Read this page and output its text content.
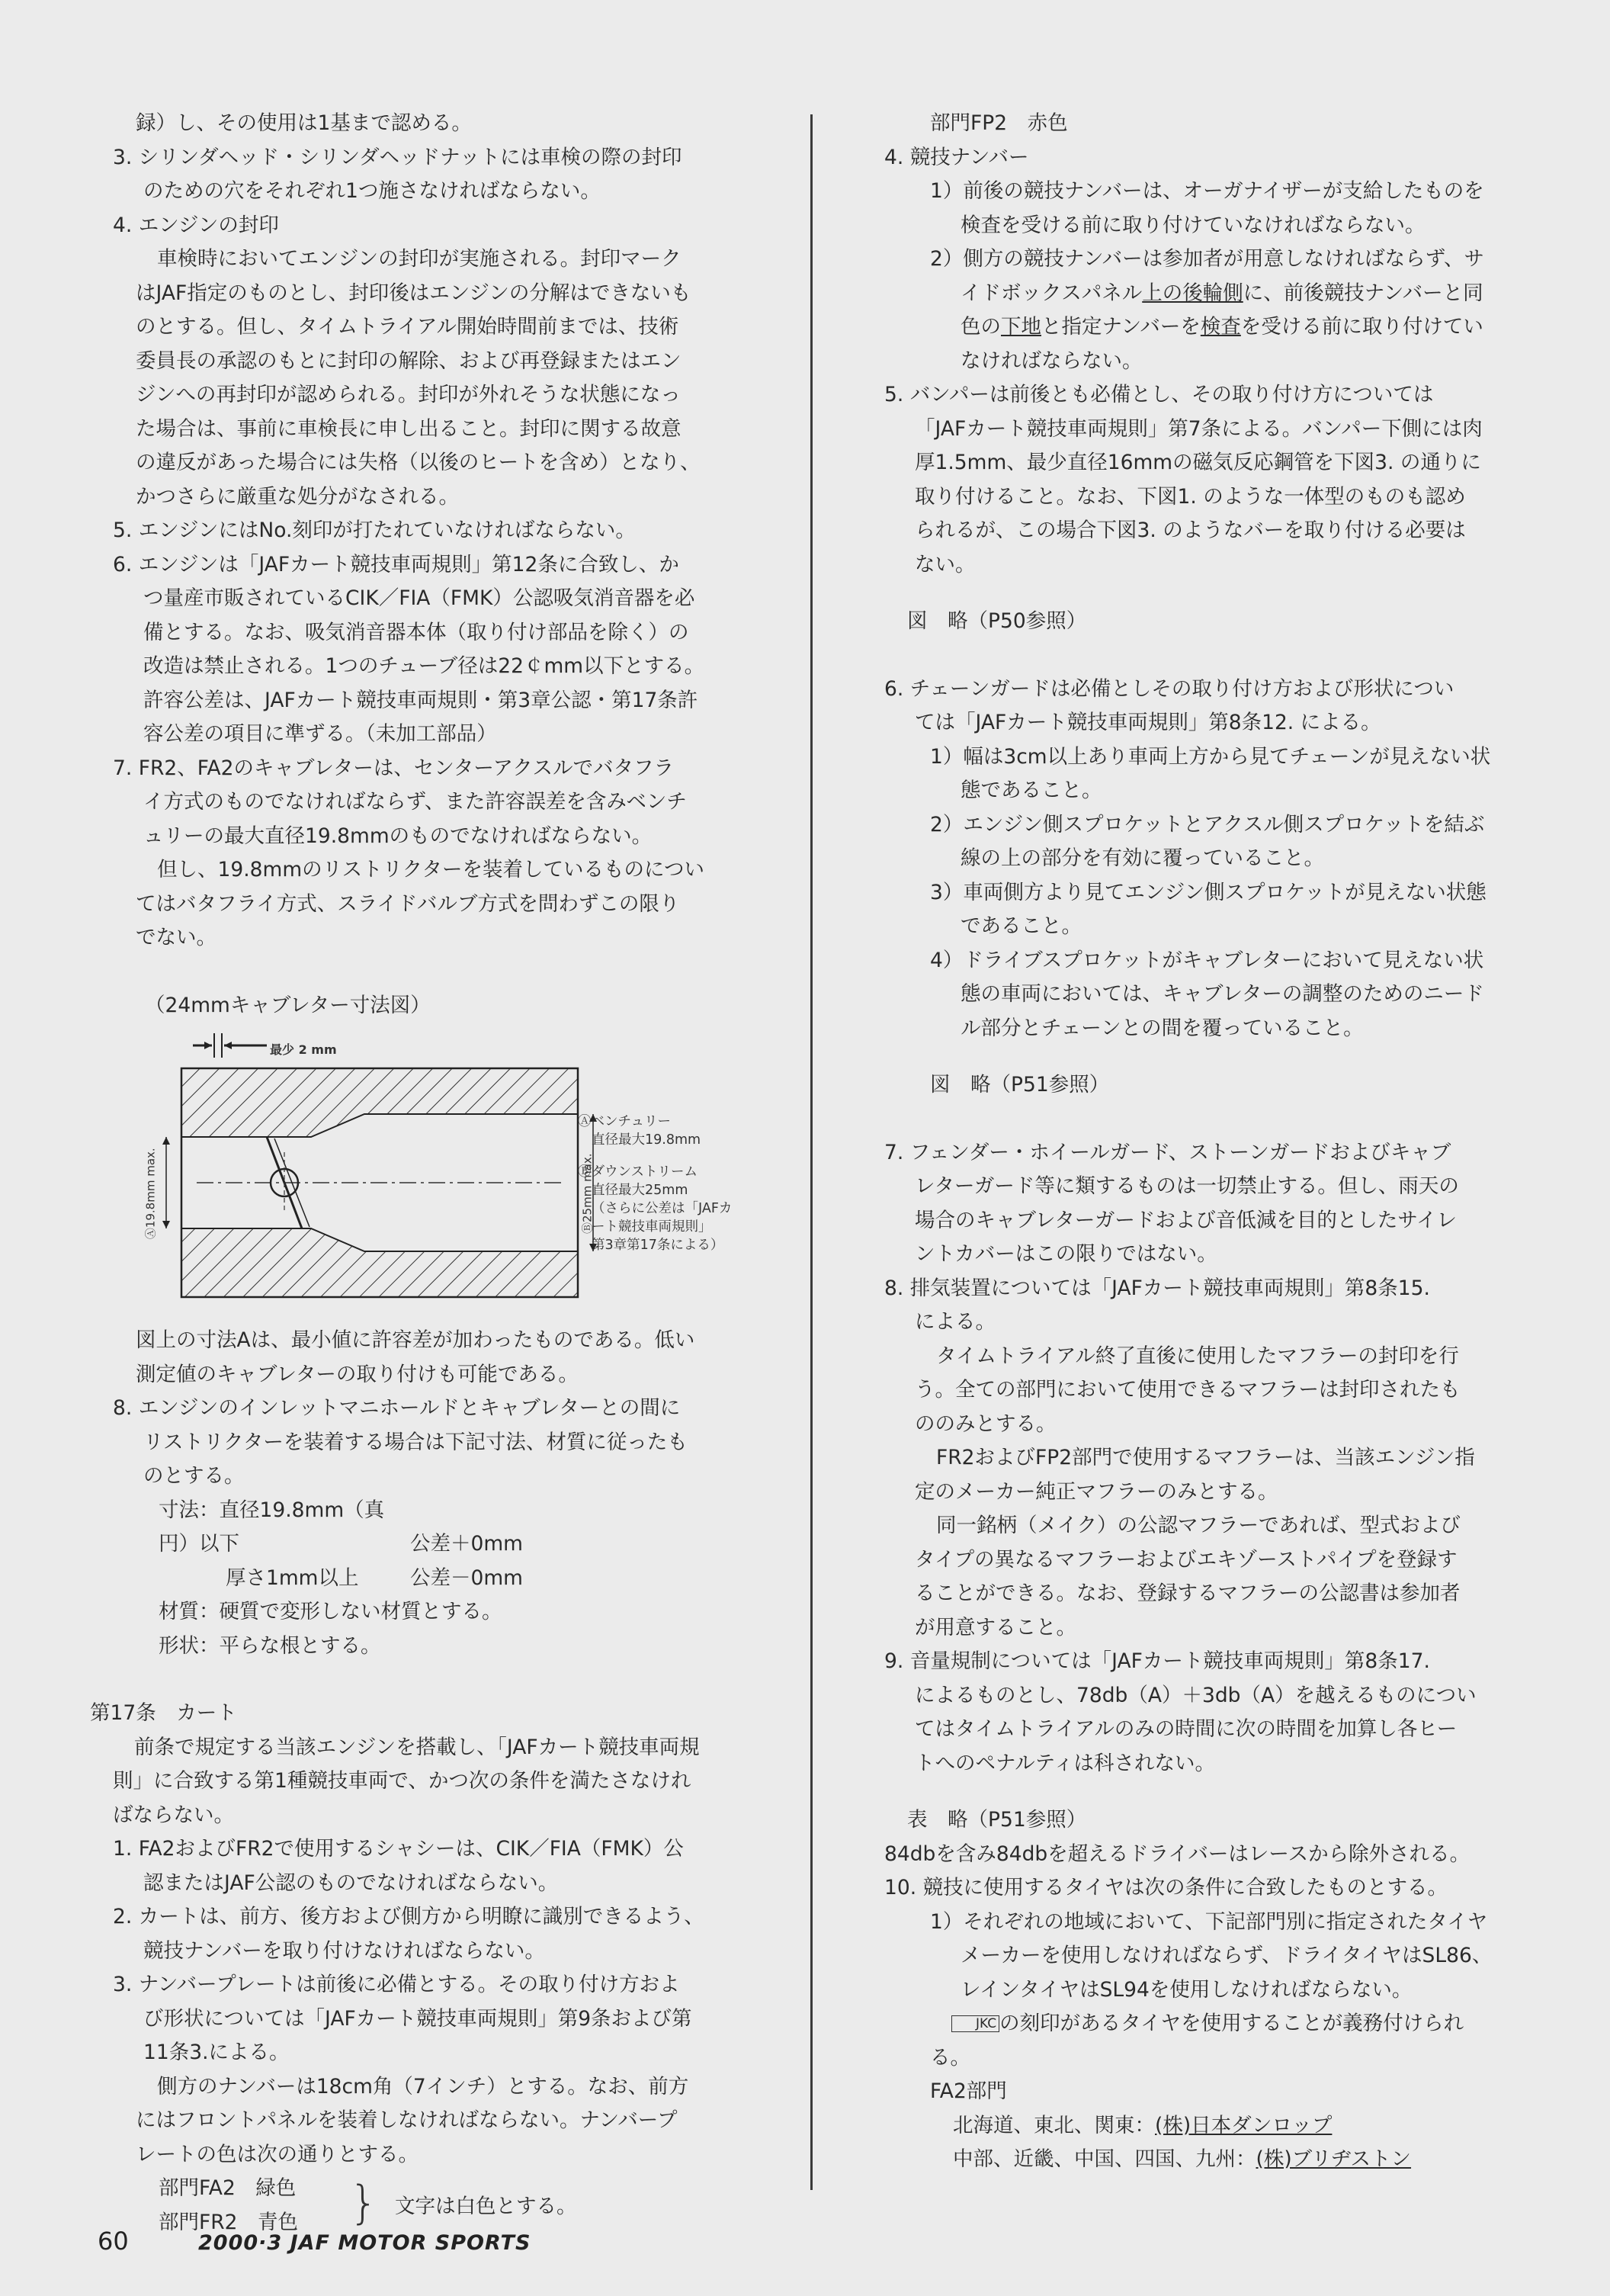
録）し、その使用は1基まで認める。

3. シリンダヘッド・シリンダヘッドナットには車検の際の封印
のための穴をそれぞれ1つ施さなければならない。

4. エンジンの封印

車検時においてエンジンの封印が実施される。封印マーク

はJAF指定のものとし、封印後はエンジンの分解はできないも

のとする。但し、タイムトライアル開始時間前までは、技術

委員長の承認のもとに封印の解除、および再登録またはエン

ジンへの再封印が認められる。封印が外れそうな状態になっ

た場合は、事前に車検長に申し出ること。封印に関する故意

の違反があった場合には失格（以後のヒートを含め）となり、

かつさらに厳重な処分がなされる。

5. エンジンにはNo.刻印が打たれていなければならない。

6. エンジンは「JAFカート競技車両規則」第12条に合致し、か
つ量産市販されているCIK／FIA（FMK）公認吸気消音器を必
備とする。なお、吸気消音器本体（取り付け部品を除く）の
改造は禁止される。1つのチューブ径は22￠mm以下とする。
許容公差は、JAFカート競技車両規則・第3章公認・第17条許
容公差の項目に準ずる。（未加工部品）
7. FR2、FA2のキャブレターは、センターアクスルでバタフラ
イ方式のものでなければならず、また許容誤差を含みベンチ
ュリーの最大直径19.8mmのものでなければならない。

但し、19.8mmのリストリクターを装着しているものについ

てはバタフライ方式、スライドバルブ方式を問わずこの限り

でない。

（24mmキャブレター寸法図）

最少 2 mm
Ⓐ19.8mm max.	Ⓑ25mm max.
Ⓐベンチュリー
直径最大19.8mm
Ⓑダウンストリーム
直径最大25mm
（さらに公差は「JAFカ
ート競技車両規則」
第3章第17条による）

図上の寸法Aは、最小値に許容差が加わったものである。低い

測定値のキャブレターの取り付けも可能である。

8. エンジンのインレットマニホールドとキャブレターとの間に
リストリクターを装着する場合は下記寸法、材質に従ったも
のとする。

寸法：直径19.8mm（真円）以下	公差＋0mm

厚さ1mm以上	公差－0mm

材質：硬質で変形しない材質とする。

形状：平らな根とする。

第17条　カート

前条で規定する当該エンジンを搭載し、「JAFカート競技車両規

則」に合致する第1種競技車両で、かつ次の条件を満たさなけれ

ばならない。

1. FA2およびFR2で使用するシャシーは、CIK／FIA（FMK）公
認またはJAF公認のものでなければならない。
2. カートは、前方、後方および側方から明瞭に識別できるよう、
競技ナンバーを取り付けなければならない。
3. ナンバープレートは前後に必備とする。その取り付け方およ
び形状については「JAFカート競技車両規則」第9条および第
11条3.による。

側方のナンバーは18cm角（7インチ）とする。なお、前方

にはフロントパネルを装着しなければならない。ナンバープ

レートの色は次の通りとする。

部門FA2　緑色

部門FR2　青色	} 文字は白色とする。

部門FP2　赤色

4. 競技ナンバー

1）前後の競技ナンバーは、オーガナイザーが支給したものを
検査を受ける前に取り付けていなければならない。
2）側方の競技ナンバーは参加者が用意しなければならず、サ
イドボックスパネル上の後輪側に、前後競技ナンバーと同
色の下地と指定ナンバーを検査を受ける前に取り付けてい
なければならない。
5. バンパーは前後とも必備とし、その取り付け方については
「JAFカート競技車両規則」第7条による。バンパー下側には肉
厚1.5mm、最少直径16mmの磁気反応鋼管を下図3. の通りに
取り付けること。なお、下図1. のような一体型のものも認め
られるが、この場合下図3. のようなバーを取り付ける必要は
ない。

図　略（P50参照）

6. チェーンガードは必備としその取り付け方および形状につい
ては「JAFカート競技車両規則」第8条12. による。
1）幅は3cm以上あり車両上方から見てチェーンが見えない状
態であること。
2）エンジン側スプロケットとアクスル側スプロケットを結ぶ
線の上の部分を有効に覆っていること。
3）車両側方より見てエンジン側スプロケットが見えない状態
であること。
4）ドライブスプロケットがキャブレターにおいて見えない状
態の車両においては、キャブレターの調整のためのニード
ル部分とチェーンとの間を覆っていること。

図　略（P51参照）

7. フェンダー・ホイールガード、ストーンガードおよびキャブ
レターガード等に類するものは一切禁止する。但し、雨天の
場合のキャブレターガードおよび音低減を目的としたサイレ
ントカバーはこの限りではない。
8. 排気装置については「JAFカート競技車両規則」第8条15.
による。

タイムトライアル終了直後に使用したマフラーの封印を行

う。全ての部門において使用できるマフラーは封印されたも

ののみとする。

FR2およびFP2部門で使用するマフラーは、当該エンジン指

定のメーカー純正マフラーのみとする。

同一銘柄（メイク）の公認マフラーであれば、型式および

タイプの異なるマフラーおよびエキゾーストパイプを登録す

ることができる。なお、登録するマフラーの公認書は参加者

が用意すること。

9. 音量規制については「JAFカート競技車両規則」第8条17.
によるものとし、78db（A）＋3db（A）を越えるものについ
てはタイムトライアルのみの時間に次の時間を加算し各ヒー
トへのペナルティは科されない。

表　略（P51参照）

84dbを含み84dbを超えるドライバーはレースから除外される。

10. 競技に使用するタイヤは次の条件に合致したものとする。

1）それぞれの地域において、下記部門別に指定されたタイヤ
メーカーを使用しなければならず、ドライタイヤはSL86、
レインタイヤはSL94を使用しなければならない。

JKC の刻印があるタイヤを使用することが義務付けられ

る。

FA2部門

北海道、東北、関東：(株)日本ダンロップ

中部、近畿、中国、四国、九州：(株)ブリヂストン

60	2000·3 JAF MOTOR SPORTS
